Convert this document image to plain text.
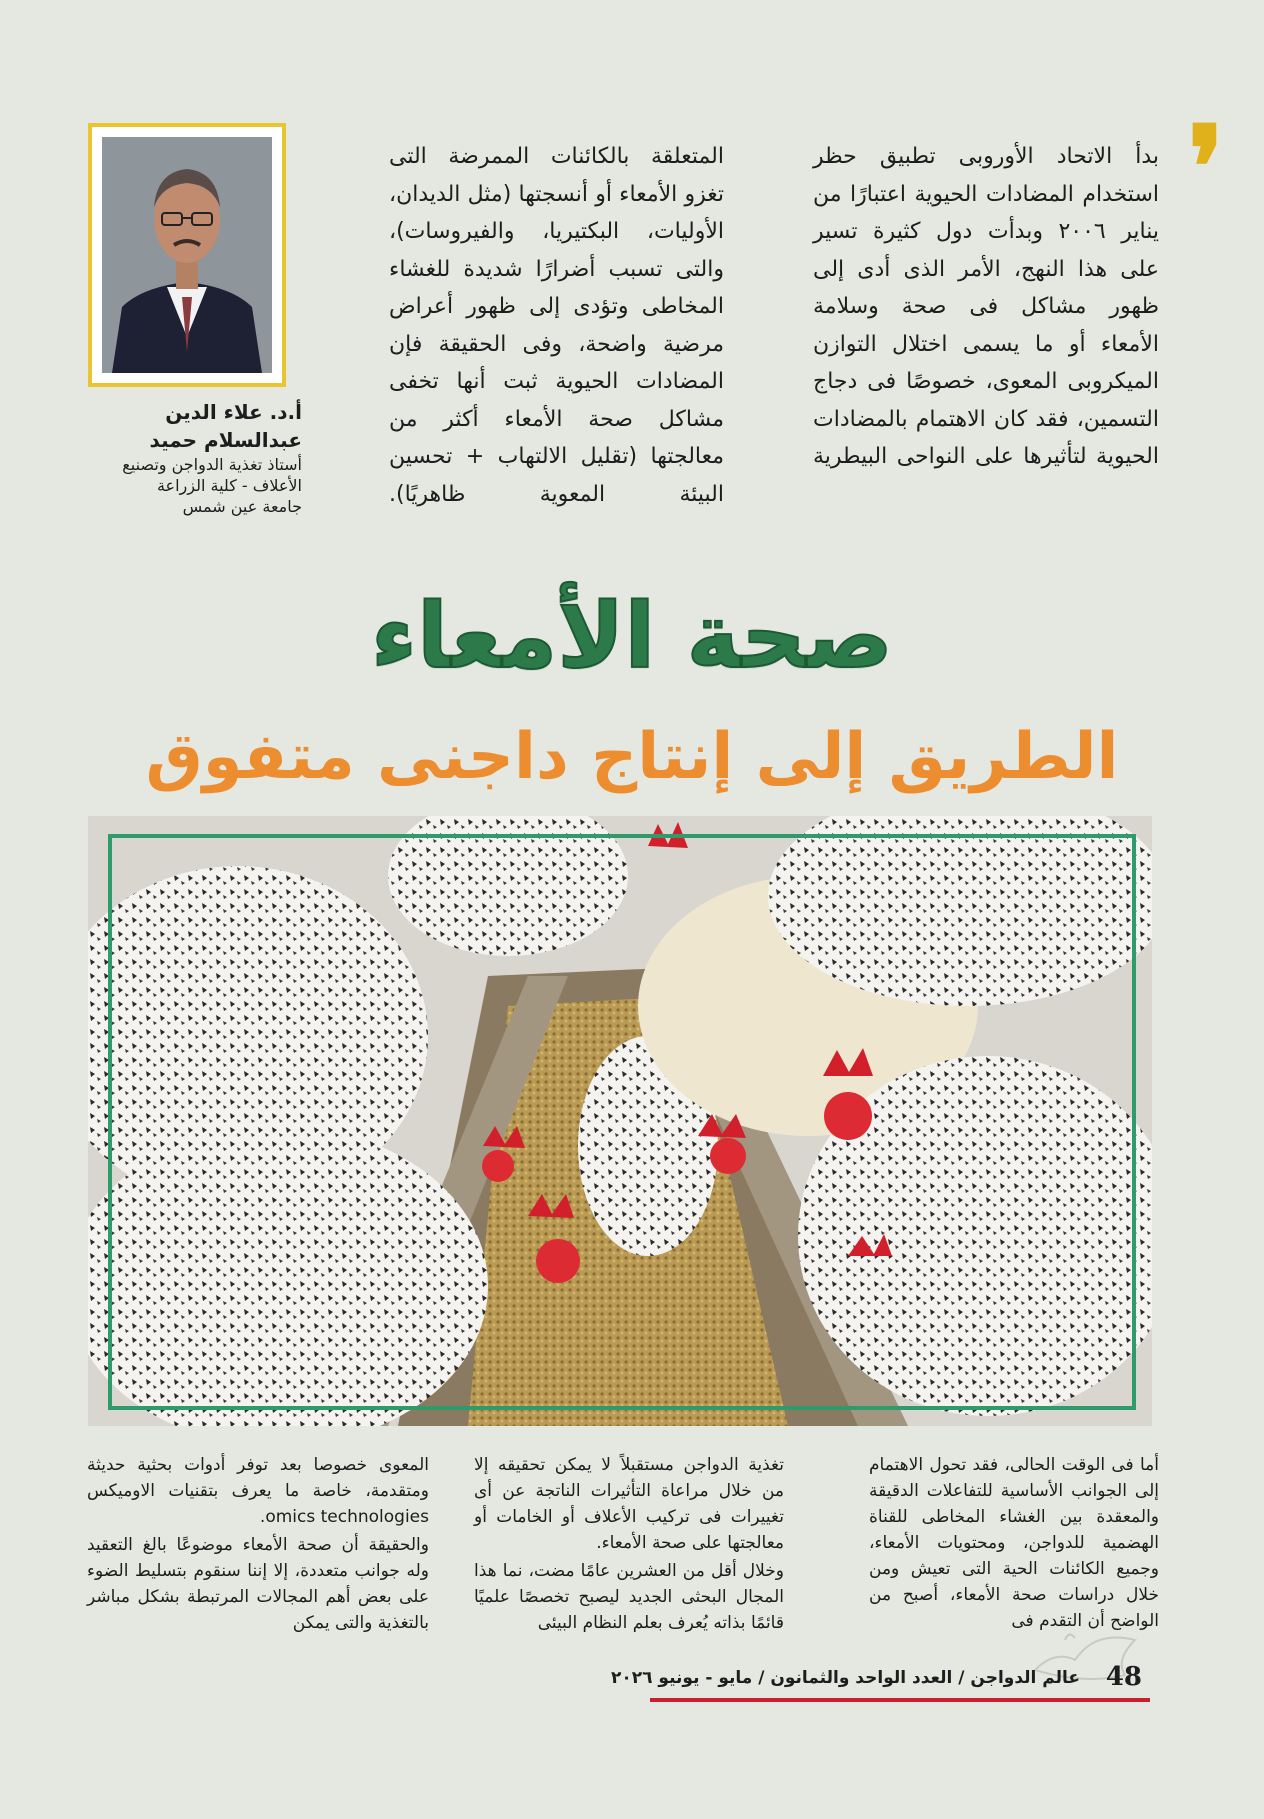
❜

بدأ الاتحاد الأوروبى تطبيق حظر استخدام المضادات الحيوية اعتبارًا من يناير ٢٠٠٦ وبدأت دول كثيرة تسير على هذا النهج، الأمر الذى أدى إلى ظهور مشاكل فى صحة وسلامة الأمعاء أو ما يسمى اختلال التوازن الميكروبى المعوى، خصوصًا فى دجاج التسمين، فقد كان الاهتمام بالمضادات الحيوية لتأثيرها على النواحى البيطرية

المتعلقة بالكائنات الممرضة التى تغزو الأمعاء أو أنسجتها (مثل الديدان، الأوليات، البكتيريا، والفيروسات)، والتى تسبب أضرارًا شديدة للغشاء المخاطى وتؤدى إلى ظهور أعراض مرضية واضحة، وفى الحقيقة فإن المضادات الحيوية ثبت أنها تخفى مشاكل صحة الأمعاء أكثر من معالجتها (تقليل الالتهاب + تحسين البيئة المعوية ظاهريًا).

أ.د. علاء الدين

عبدالسلام حميد

أستاذ تغذية الدواجن وتصنيع

الأعلاف - كلية الزراعة

جامعة عين شمس

صحة الأمعاء
الطريق إلى إنتاج داجنى متفوق

أما فى الوقت الحالى، فقد تحول الاهتمام إلى الجوانب الأساسية للتفاعلات الدقيقة والمعقدة بين الغشاء المخاطى للقناة الهضمية للدواجن، ومحتويات الأمعاء، وجميع الكائنات الحية التى تعيش ومن خلال دراسات صحة الأمعاء، أصبح من الواضح أن التقدم فى

تغذية الدواجن مستقبلاً لا يمكن تحقيقه إلا من خلال مراعاة التأثيرات الناتجة عن أى تغييرات فى تركيب الأعلاف أو الخامات أو معالجتها على صحة الأمعاء.

وخلال أقل من العشرين عامًا مضت، نما هذا المجال البحثى الجديد ليصبح تخصصًا علميًا قائمًا بذاته يُعرف بعلم النظام البيئى

المعوى خصوصا بعد توفر أدوات بحثية حديثة ومتقدمة، خاصة ما يعرف بتقنيات الاوميكس omics technologies.

والحقيقة أن صحة الأمعاء موضوعًا بالغ التعقيد وله جوانب متعددة، إلا إننا سنقوم بتسليط الضوء على بعض أهم المجالات المرتبطة بشكل مباشر بالتغذية والتى يمكن

48
عالم الدواجن / العدد الواحد والثمانون / مايو - يونيو ٢٠٢٦
